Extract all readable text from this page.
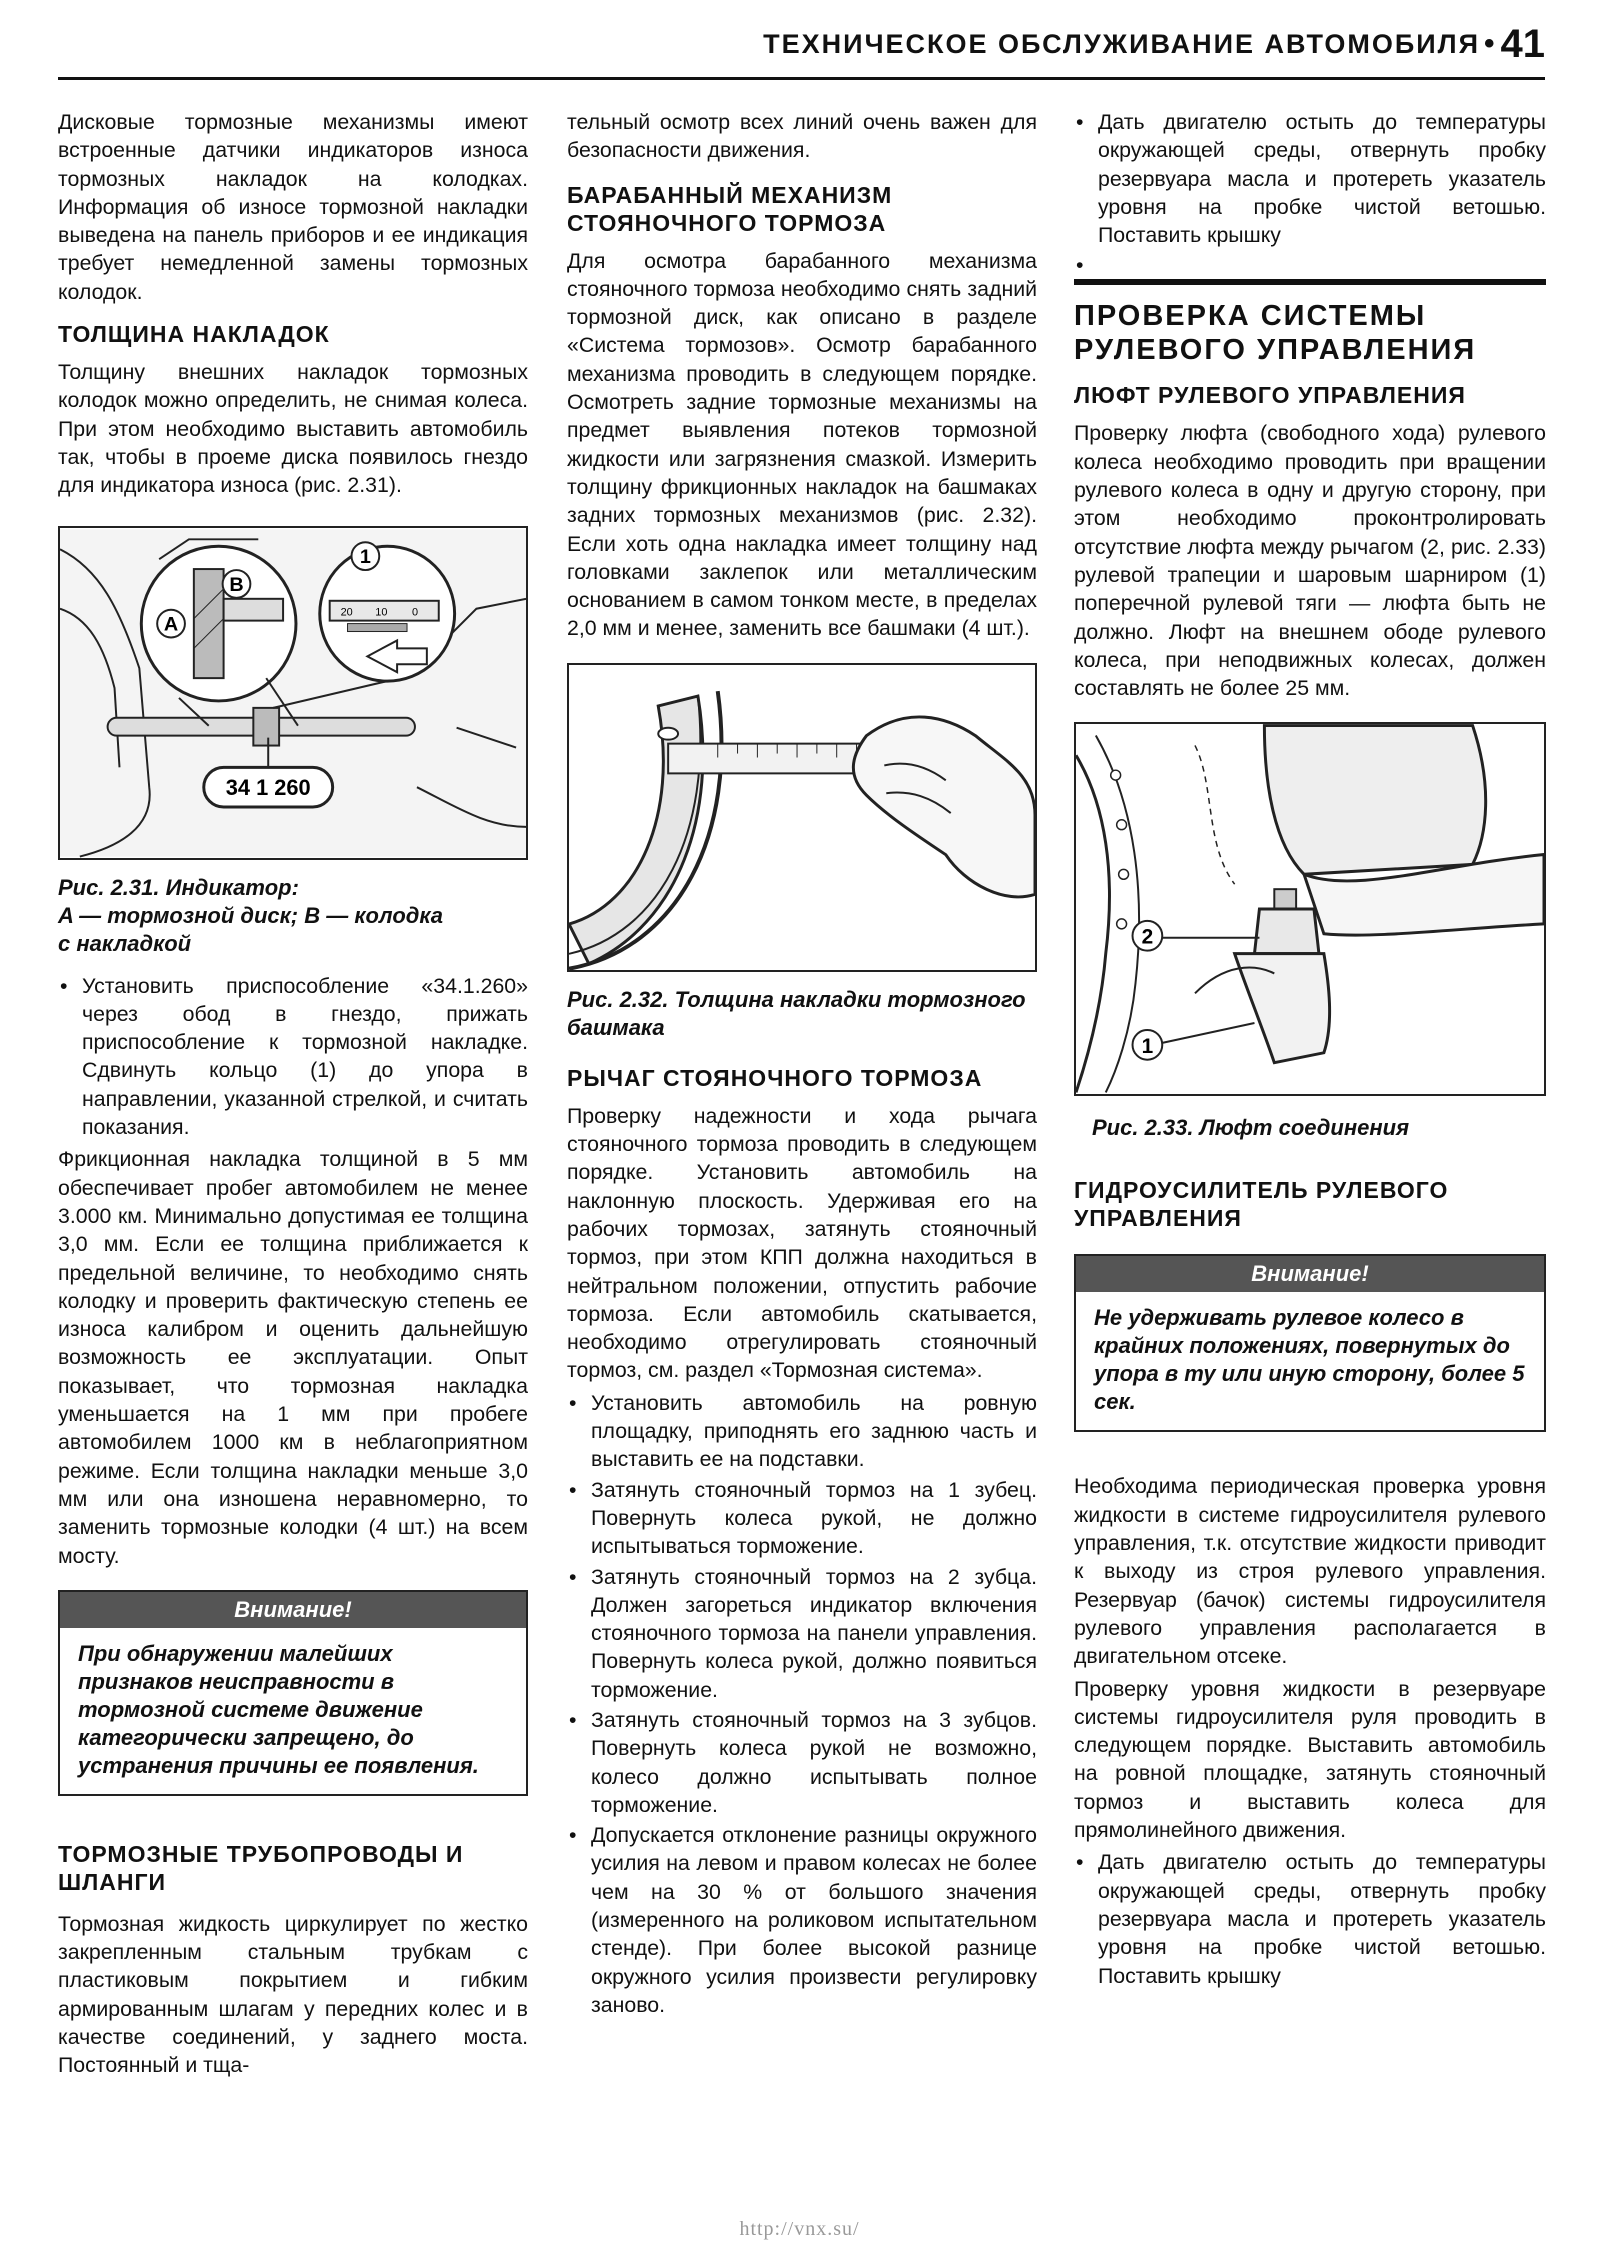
ТЕХНИЧЕСКОЕ ОБСЛУЖИВАНИЕ АВТОМОБИЛЯ • 41

Дисковые тормозные механизмы имеют встроенные датчики индикаторов износа тормозных накладок на колодках. Информация об износе тормозной накладки выведена на панель приборов и ее индикация требует немедленной замены тормозных колодок.

ТОЛЩИНА НАКЛАДОК

Толщину внешних накладок тормозных колодок можно определить, не снимая колеса. При этом необходимо выставить автомобиль так, чтобы в проеме диска появилось гнездо для индикатора износа (рис. 2.31).

A
B
1
20 10 0
34 1 260
Рис. 2.31. Индикатор:
A — тормозной диск; B — колодка
с накладкой
• Установить приспособление «34.1.260» через обод в гнездо, прижать приспособление к тормозной накладке. Сдвинуть кольцо (1) до упора в направлении, указанной стрелкой, и считать показания.

Фрикционная накладка толщиной в 5 мм обеспечивает пробег автомобилем не менее 3.000 км. Минимально допустимая ее толщина 3,0 мм. Если ее толщина приближается к предельной величине, то необходимо снять колодку и проверить фактическую степень ее износа калибром и оценить дальнейшую возможность ее эксплуатации. Опыт показывает, что тормозная накладка уменьшается на 1 мм при пробеге автомобилем 1000 км в неблагоприятном режиме. Если толщина накладки меньше 3,0 мм или она изношена неравномерно, то заменить тормозные колодки (4 шт.) на всем мосту.

Внимание!
При обнаружении малейших признаков неисправности в тормозной системе движение категорически запрещено, до устранения причины ее появления.
ТОРМОЗНЫЕ ТРУБОПРОВОДЫ И ШЛАНГИ

Тормозная жидкость циркулирует по жестко закрепленным стальным трубкам с пластиковым покрытием и гибким армированным шлагам у передних колес и в качестве соединений, у заднего моста. Постоянный и тща-

тельный осмотр всех линий очень важен для безопасности движения.

БАРАБАННЫЙ МЕХАНИЗМ СТОЯНОЧНОГО ТОРМОЗА

Для осмотра барабанного механизма стояночного тормоза необходимо снять задний тормозной диск, как описано в разделе «Система тормозов». Осмотр барабанного механизма проводить в следующем порядке. Осмотреть задние тормозные механизмы на предмет выявления потеков тормозной жидкости или загрязнения смазкой. Измерить толщину фрикционных накладок на башмаках задних тормозных механизмов (рис. 2.32). Если хоть одна накладка имеет толщину над головками заклепок или металлическим основанием в самом тонком месте, в пределах 2,0 мм и менее, заменить все башмаки (4 шт.).

Рис. 2.32. Толщина накладки тормозного башмака
РЫЧАГ СТОЯНОЧНОГО ТОРМОЗА

Проверку надежности и хода рычага стояночного тормоза проводить в следующем порядке. Установить автомобиль на наклонную плоскость. Удерживая его на рабочих тормозах, затянуть стояночный тормоз, при этом КПП должна находиться в нейтральном положении, отпустить рабочие тормоза. Если автомобиль скатывается, необходимо отрегулировать стояночный тормоз, см. раздел «Тормозная система».

• Установить автомобиль на ровную площадку, приподнять его заднюю часть и выставить ее на подставки.
• Затянуть стояночный тормоз на 1 зубец. Повернуть колеса рукой, не должно испытываться торможение.
• Затянуть стояночный тормоз на 2 зубца. Должен загореться индикатор включения стояночного тормоза на панели управления. Повернуть колеса рукой, должно появиться торможение.
• Затянуть стояночный тормоз на 3 зубцов. Повернуть колеса рукой не возможно, колесо должно испытывать полное торможение.
• Допускается отклонение разницы окружного усилия на левом и правом колесах не более чем на 30 % от большого значения (измеренного на роликовом испытательном стенде). При более высокой разнице окружного усилия произвести регулировку заново.
• Дать двигателю остыть до температуры окружающей среды, отвернуть пробку резервуара масла и протереть указатель уровня на пробке чистой ветошью. Поставить крышку
ПРОВЕРКА СИСТЕМЫ РУЛЕВОГО УПРАВЛЕНИЯ
ЛЮФТ РУЛЕВОГО УПРАВЛЕНИЯ

Проверку люфта (свободного хода) рулевого колеса необходимо проводить при вращении рулевого колеса в одну и другую сторону, при этом необходимо проконтролировать отсутствие люфта между рычагом (2, рис. 2.33) рулевой трапеции и шаровым шарниром (1) поперечной рулевой тяги — люфта быть не должно. Люфт на внешнем ободе рулевого колеса, при неподвижных колесах, должен составлять не более 25 мм.

2
1
Рис. 2.33. Люфт соединения
ГИДРОУСИЛИТЕЛЬ РУЛЕВОГО УПРАВЛЕНИЯ
Внимание!
Не удерживать рулевое колесо в крайних положениях, повернутых до упора в ту или иную сторону, более 5 сек.

Необходима периодическая проверка уровня жидкости в системе гидроусилителя рулевого управления, т.к. отсутствие жидкости приводит к выходу из строя рулевого управления. Резервуар (бачок) системы гидроусилителя рулевого управления располагается в двигательном отсеке.

Проверку уровня жидкости в резервуаре системы гидроусилителя руля проводить в следующем порядке. Выставить автомобиль на ровной площадке, затянуть стояночный тормоз и выставить колеса для прямолинейного движения.

• Дать двигателю остыть до температуры окружающей среды, отвернуть пробку резервуара масла и протереть указатель уровня на пробке чистой ветошью. Поставить крышку
http://vnx.su/
